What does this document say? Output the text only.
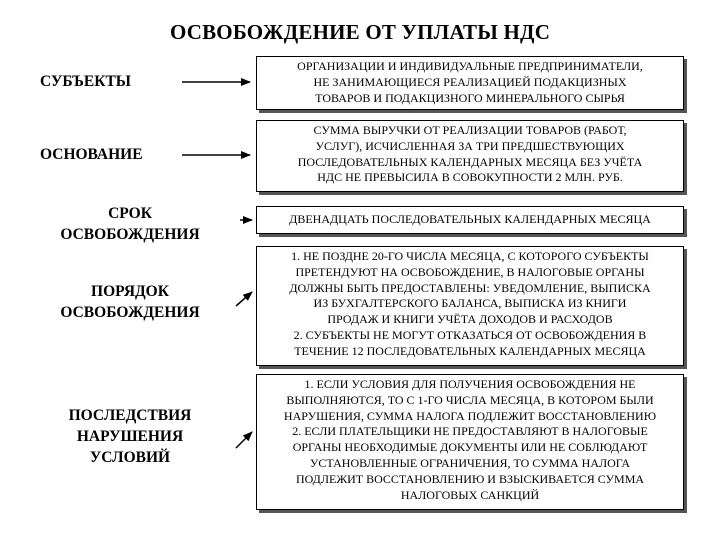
ОСВОБОЖДЕНИЕ ОТ УПЛАТЫ НДС
СУБЪЕКТЫ
ОРГАНИЗАЦИИ И ИНДИВИДУАЛЬНЫЕ ПРЕДПРИНИМАТЕЛИ,
НЕ ЗАНИМАЮЩИЕСЯ РЕАЛИЗАЦИЕЙ ПОДАКЦИЗНЫХ
ТОВАРОВ И ПОДАКЦИЗНОГО МИНЕРАЛЬНОГО СЫРЬЯ
ОСНОВАНИЕ
СУММА ВЫРУЧКИ ОТ РЕАЛИЗАЦИИ ТОВАРОВ (РАБОТ,
УСЛУГ), ИСЧИСЛЕННАЯ ЗА ТРИ ПРЕДШЕСТВУЮЩИХ
ПОСЛЕДОВАТЕЛЬНЫХ КАЛЕНДАРНЫХ МЕСЯЦА БЕЗ УЧЁТА
НДС НЕ ПРЕВЫСИЛА В СОВОКУПНОСТИ 2 МЛН. РУБ.
СРОК
ОСВОБОЖДЕНИЯ
ДВЕНАДЦАТЬ ПОСЛЕДОВАТЕЛЬНЫХ КАЛЕНДАРНЫХ МЕСЯЦА
ПОРЯДОК
ОСВОБОЖДЕНИЯ
1. НЕ ПОЗДНЕ 20-ГО ЧИСЛА МЕСЯЦА, С КОТОРОГО СУБЪЕКТЫ
ПРЕТЕНДУЮТ НА ОСВОБОЖДЕНИЕ, В НАЛОГОВЫЕ ОРГАНЫ
ДОЛЖНЫ БЫТЬ ПРЕДОСТАВЛЕНЫ: УВЕДОМЛЕНИЕ, ВЫПИСКА
ИЗ БУХГАЛТЕРСКОГО БАЛАНСА, ВЫПИСКА ИЗ КНИГИ
ПРОДАЖ И КНИГИ УЧЁТА ДОХОДОВ И РАСХОДОВ
2. СУБЪЕКТЫ НЕ МОГУТ ОТКАЗАТЬСЯ ОТ ОСВОБОЖДЕНИЯ В
ТЕЧЕНИЕ 12 ПОСЛЕДОВАТЕЛЬНЫХ КАЛЕНДАРНЫХ МЕСЯЦА
ПОСЛЕДСТВИЯ
НАРУШЕНИЯ
УСЛОВИЙ
1. ЕСЛИ УСЛОВИЯ ДЛЯ ПОЛУЧЕНИЯ ОСВОБОЖДЕНИЯ НЕ
ВЫПОЛНЯЮТСЯ, ТО С 1-ГО ЧИСЛА МЕСЯЦА, В КОТОРОМ БЫЛИ
НАРУШЕНИЯ, СУММА НАЛОГА ПОДЛЕЖИТ ВОССТАНОВЛЕНИЮ
2. ЕСЛИ ПЛАТЕЛЬЩИКИ НЕ ПРЕДОСТАВЛЯЮТ В НАЛОГОВЫЕ
ОРГАНЫ НЕОБХОДИМЫЕ ДОКУМЕНТЫ ИЛИ НЕ СОБЛЮДАЮТ
УСТАНОВЛЕННЫЕ ОГРАНИЧЕНИЯ, ТО СУММА НАЛОГА
ПОДЛЕЖИТ ВОССТАНОВЛЕНИЮ И ВЗЫСКИВАЕТСЯ СУММА
НАЛОГОВЫХ САНКЦИЙ
